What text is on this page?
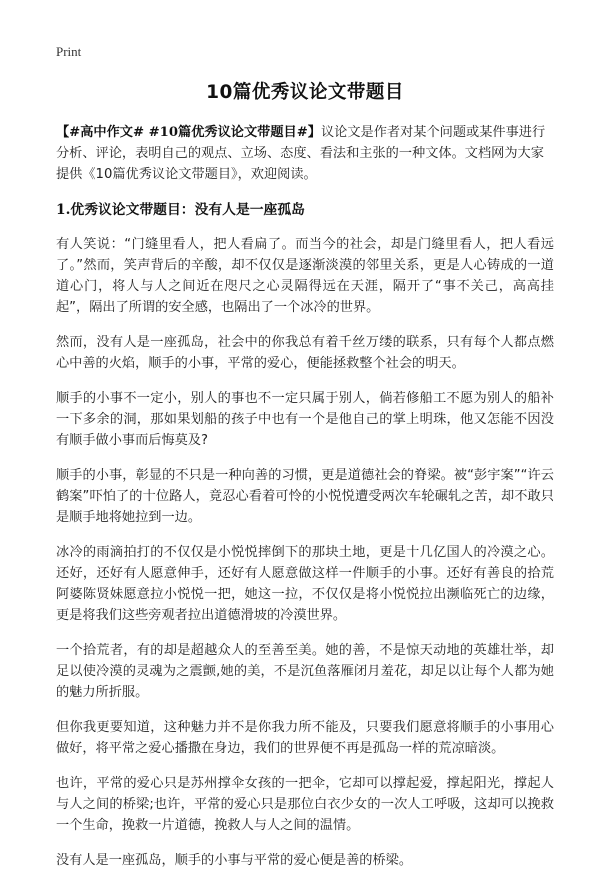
Print
10篇优秀议论文带题目

【#高中作文# #10篇优秀议论文带题目#】议论文是作者对某个问题或某件事进行分析、评论，表明自己的观点、立场、态度、看法和主张的一种文体。文档网为大家提供《10篇优秀议论文带题目》，欢迎阅读。

1.优秀议论文带题目：没有人是一座孤岛

有人笑说：“门缝里看人，把人看扁了。而当今的社会，却是门缝里看人，把人看远了。”然而，笑声背后的辛酸，却不仅仅是逐渐淡漠的邻里关系，更是人心铸成的一道道心门，将人与人之间近在咫尺之心灵隔得远在天涯，隔开了“事不关己，高高挂起”，隔出了所谓的安全感，也隔出了一个冰冷的世界。

然而，没有人是一座孤岛，社会中的你我总有着千丝万缕的联系，只有每个人都点燃心中善的火焰，顺手的小事，平常的爱心，便能拯救整个社会的明天。

顺手的小事不一定小，别人的事也不一定只属于别人，倘若修船工不愿为别人的船补一下多余的洞，那如果划船的孩子中也有一个是他自己的掌上明珠，他又怎能不因没有顺手做小事而后悔莫及?

顺手的小事，彰显的不只是一种向善的习惯，更是道德社会的脊梁。被“彭宇案”“许云鹤案”吓怕了的十位路人，竟忍心看着可怜的小悦悦遭受两次车轮碾轧之苦，却不敢只是顺手地将她拉到一边。

冰冷的雨滴拍打的不仅仅是小悦悦摔倒下的那块土地，更是十几亿国人的冷漠之心。还好，还好有人愿意伸手，还好有人愿意做这样一件顺手的小事。还好有善良的拾荒阿婆陈贤妹愿意拉小悦悦一把，她这一拉，不仅仅是将小悦悦拉出濒临死亡的边缘，更是将我们这些旁观者拉出道德滑坡的冷漠世界。

一个拾荒者，有的却是超越众人的至善至美。她的善，不是惊天动地的英雄壮举，却足以使冷漠的灵魂为之震颤,她的美，不是沉鱼落雁闭月羞花，却足以让每个人都为她的魅力所折服。

但你我更要知道，这种魅力并不是你我力所不能及，只要我们愿意将顺手的小事用心做好，将平常之爱心播撒在身边，我们的世界便不再是孤岛一样的荒凉暗淡。

也许，平常的爱心只是苏州撑伞女孩的一把伞，它却可以撑起爱，撑起阳光，撑起人与人之间的桥梁;也许，平常的爱心只是那位白衣少女的一次人工呼吸，这却可以挽救一个生命，挽救一片道德，挽救人与人之间的温情。

没有人是一座孤岛，顺手的小事与平常的爱心便是善的桥梁。
